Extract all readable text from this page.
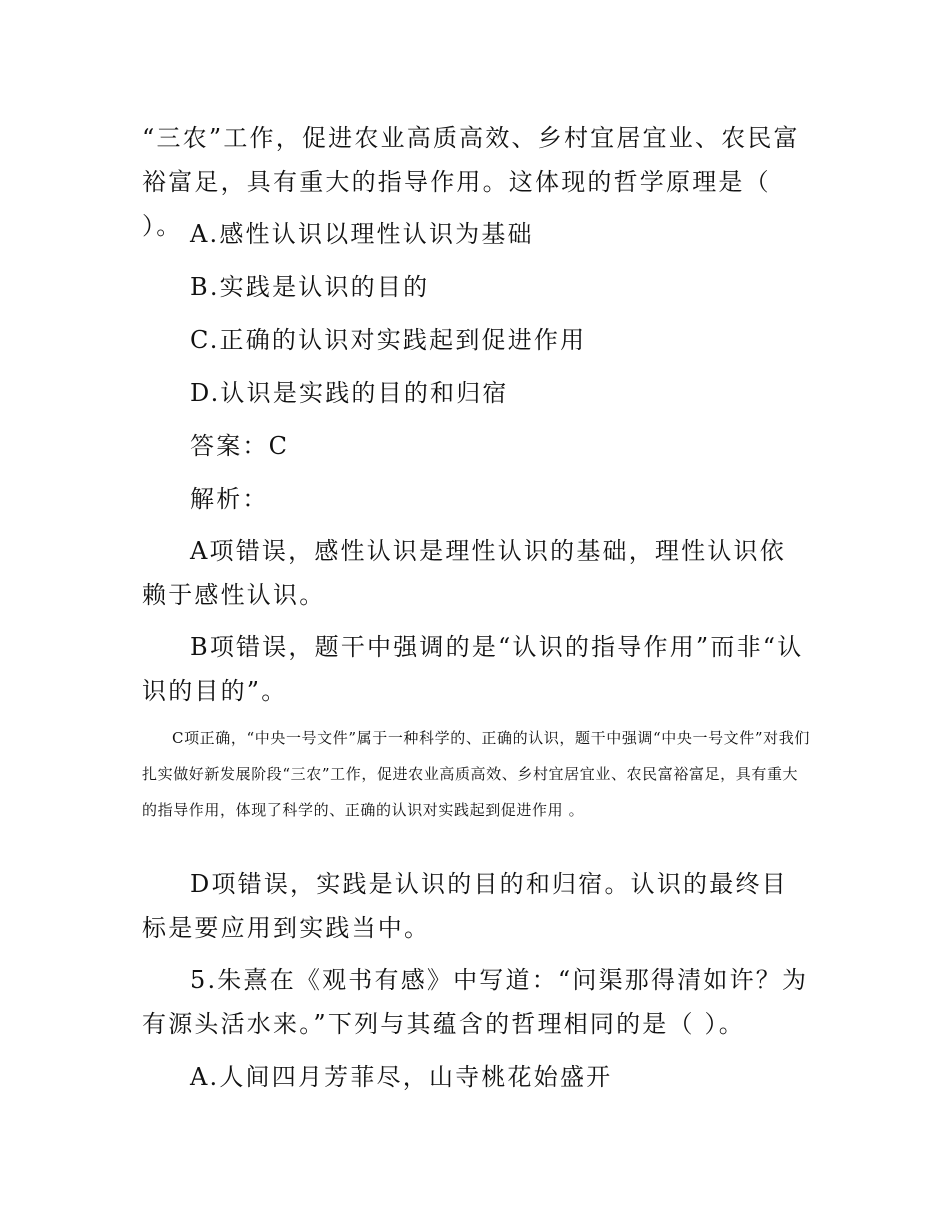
“三农”工作，促进农业高质高效、乡村宜居宜业、农民富裕富足，具有重大的指导作用。这体现的哲学原理是（ ）。 A.感性认识以理性认识为基础

B.实践是认识的目的

C.正确的认识对实践起到促进作用

D.认识是实践的目的和归宿

答案：C

解析：

A项错误，感性认识是理性认识的基础，理性认识依赖于感性认识。

B项错误，题干中强调的是“认识的指导作用”而非“认识的目的”。

C项正确，“中央一号文件”属于一种科学的、正确的认识，题干中强调“中央一号文件”对我们扎实做好新发展阶段“三农”工作，促进农业高质高效、乡村宜居宜业、农民富裕富足，具有重大的指导作用，体现了科学的、正确的认识对实践起到促进作用 。

D项错误，实践是认识的目的和归宿。认识的最终目标是要应用到实践当中。

5.朱熹在《观书有感》中写道：“问渠那得清如许？为有源头活水来。”下列与其蕴含的哲理相同的是（ ）。

A.人间四月芳菲尽，山寺桃花始盛开
